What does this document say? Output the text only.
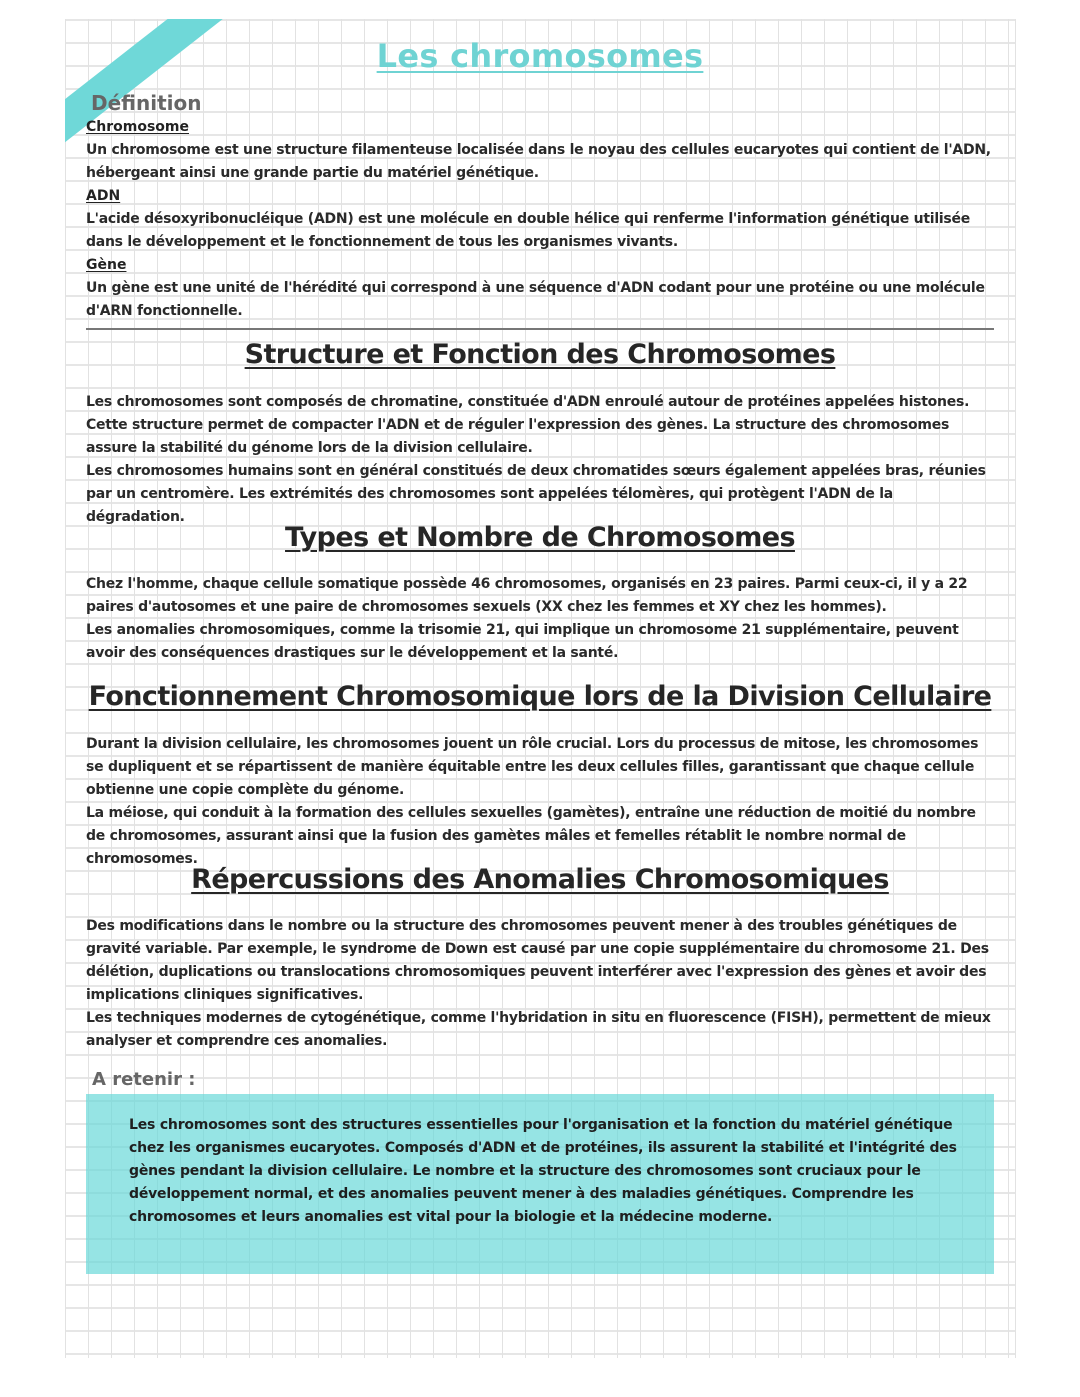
Les chromosomes
Définition
Chromosome
Un chromosome est une structure filamenteuse localisée dans le noyau des cellules eucaryotes qui contient de l'ADN, hébergeant ainsi une grande partie du matériel génétique.
ADN
L'acide désoxyribonucléique (ADN) est une molécule en double hélice qui renferme l'information génétique utilisée dans le développement et le fonctionnement de tous les organismes vivants.
Gène
Un gène est une unité de l'hérédité qui correspond à une séquence d'ADN codant pour une protéine ou une molécule d'ARN fonctionnelle.
Structure et Fonction des Chromosomes
Les chromosomes sont composés de chromatine, constituée d'ADN enroulé autour de protéines appelées histones. Cette structure permet de compacter l'ADN et de réguler l'expression des gènes. La structure des chromosomes assure la stabilité du génome lors de la division cellulaire.
Les chromosomes humains sont en général constitués de deux chromatides sœurs également appelées bras, réunies par un centromère. Les extrémités des chromosomes sont appelées télomères, qui protègent l'ADN de la dégradation.
Types et Nombre de Chromosomes
Chez l'homme, chaque cellule somatique possède 46 chromosomes, organisés en 23 paires. Parmi ceux-ci, il y a 22 paires d'autosomes et une paire de chromosomes sexuels (XX chez les femmes et XY chez les hommes).
Les anomalies chromosomiques, comme la trisomie 21, qui implique un chromosome 21 supplémentaire, peuvent avoir des conséquences drastiques sur le développement et la santé.
Fonctionnement Chromosomique lors de la Division Cellulaire
Durant la division cellulaire, les chromosomes jouent un rôle crucial. Lors du processus de mitose, les chromosomes se dupliquent et se répartissent de manière équitable entre les deux cellules filles, garantissant que chaque cellule obtienne une copie complète du génome.
La méiose, qui conduit à la formation des cellules sexuelles (gamètes), entraîne une réduction de moitié du nombre de chromosomes, assurant ainsi que la fusion des gamètes mâles et femelles rétablit le nombre normal de chromosomes.
Répercussions des Anomalies Chromosomiques
Des modifications dans le nombre ou la structure des chromosomes peuvent mener à des troubles génétiques de gravité variable. Par exemple, le syndrome de Down est causé par une copie supplémentaire du chromosome 21. Des délétion, duplications ou translocations chromosomiques peuvent interférer avec l'expression des gènes et avoir des implications cliniques significatives.
Les techniques modernes de cytogénétique, comme l'hybridation in situ en fluorescence (FISH), permettent de mieux analyser et comprendre ces anomalies.
A retenir :
Les chromosomes sont des structures essentielles pour l'organisation et la fonction du matériel génétique chez les organismes eucaryotes. Composés d'ADN et de protéines, ils assurent la stabilité et l'intégrité des gènes pendant la division cellulaire. Le nombre et la structure des chromosomes sont cruciaux pour le développement normal, et des anomalies peuvent mener à des maladies génétiques. Comprendre les chromosomes et leurs anomalies est vital pour la biologie et la médecine moderne.
